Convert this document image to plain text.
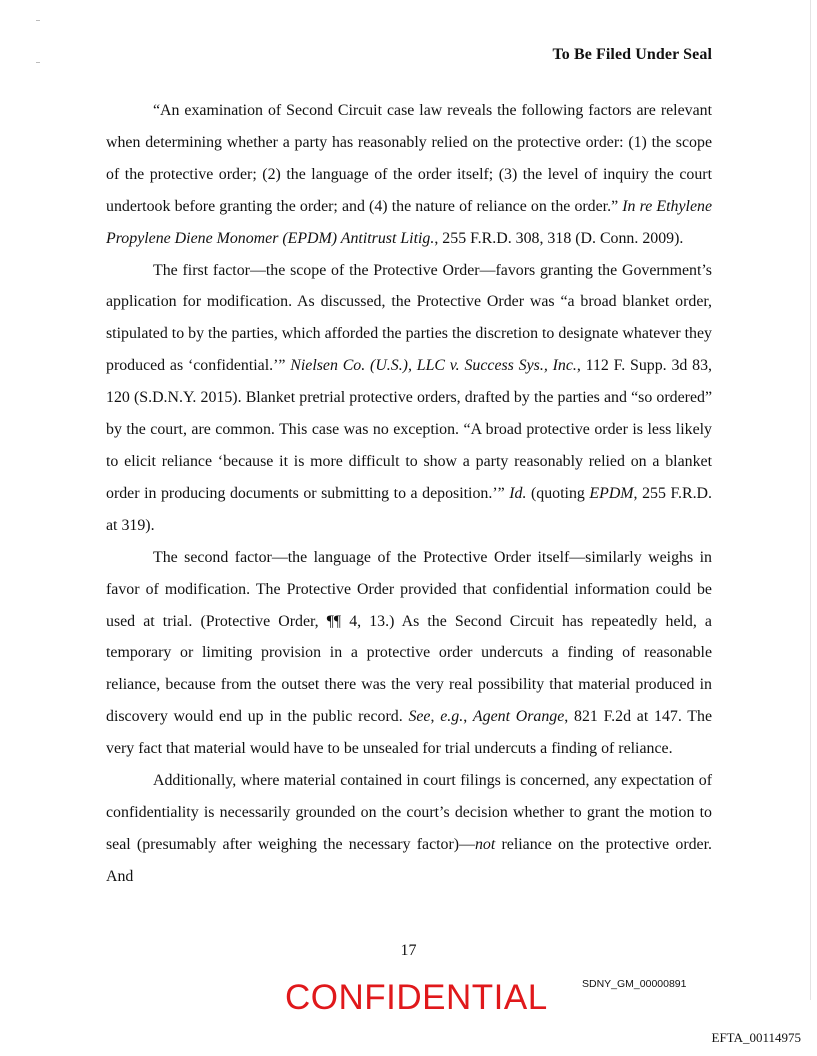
To Be Filed Under Seal

“An examination of Second Circuit case law reveals the following factors are relevant when determining whether a party has reasonably relied on the protective order: (1) the scope of the protective order; (2) the language of the order itself; (3) the level of inquiry the court undertook before granting the order; and (4) the nature of reliance on the order.” In re Ethylene Propylene Diene Monomer (EPDM) Antitrust Litig., 255 F.R.D. 308, 318 (D. Conn. 2009).

The first factor—the scope of the Protective Order—favors granting the Government’s application for modification. As discussed, the Protective Order was “a broad blanket order, stipulated to by the parties, which afforded the parties the discretion to designate whatever they produced as ‘confidential.’” Nielsen Co. (U.S.), LLC v. Success Sys., Inc., 112 F. Supp. 3d 83, 120 (S.D.N.Y. 2015). Blanket pretrial protective orders, drafted by the parties and “so ordered” by the court, are common. This case was no exception. “A broad protective order is less likely to elicit reliance ‘because it is more difficult to show a party reasonably relied on a blanket order in producing documents or submitting to a deposition.’” Id. (quoting EPDM, 255 F.R.D. at 319).

The second factor—the language of the Protective Order itself—similarly weighs in favor of modification. The Protective Order provided that confidential information could be used at trial. (Protective Order, ¶¶ 4, 13.) As the Second Circuit has repeatedly held, a temporary or limiting provision in a protective order undercuts a finding of reasonable reliance, because from the outset there was the very real possibility that material produced in discovery would end up in the public record. See, e.g., Agent Orange, 821 F.2d at 147. The very fact that material would have to be unsealed for trial undercuts a finding of reliance.

Additionally, where material contained in court filings is concerned, any expectation of confidentiality is necessarily grounded on the court’s decision whether to grant the motion to seal (presumably after weighing the necessary factor)—not reliance on the protective order. And

17
CONFIDENTIAL	SDNY_GM_00000891
EFTA_00114975
